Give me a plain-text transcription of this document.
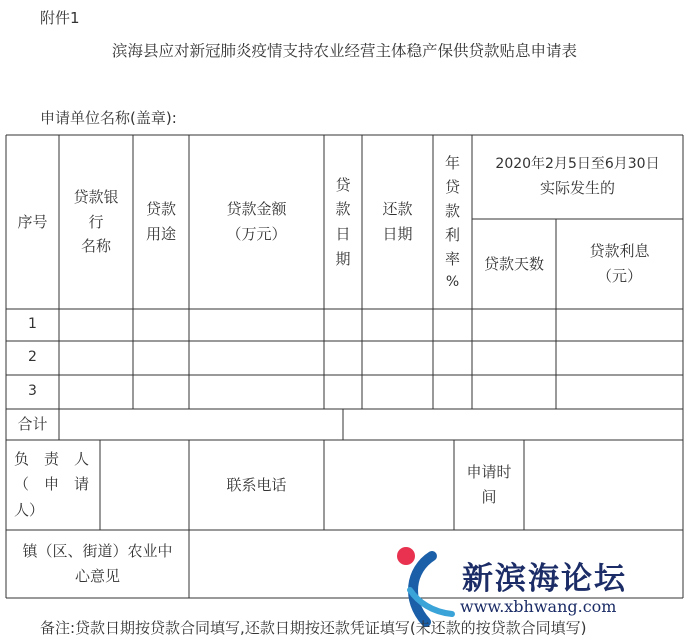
附件1
滨海县应对新冠肺炎疫情支持农业经营主体稳产保供贷款贴息申请表
申请单位名称(盖章):
序号
贷款银
行
名称
贷款
用途
贷款金额
（万元）
贷
款
日
期
还款
日期
年
贷
款
利
率
%
2020年2月5日至6月30日
实际发生的
贷款天数
贷款利息
（元）
1
2
3
合计
负　责　人
（　申　请
人）
联系电话
申请时
间
镇（区、街道）农业中
心意见	新滨海论坛
www.xbhwang.com
备注:贷款日期按贷款合同填写,还款日期按还款凭证填写(未还款的按贷款合同填写)
